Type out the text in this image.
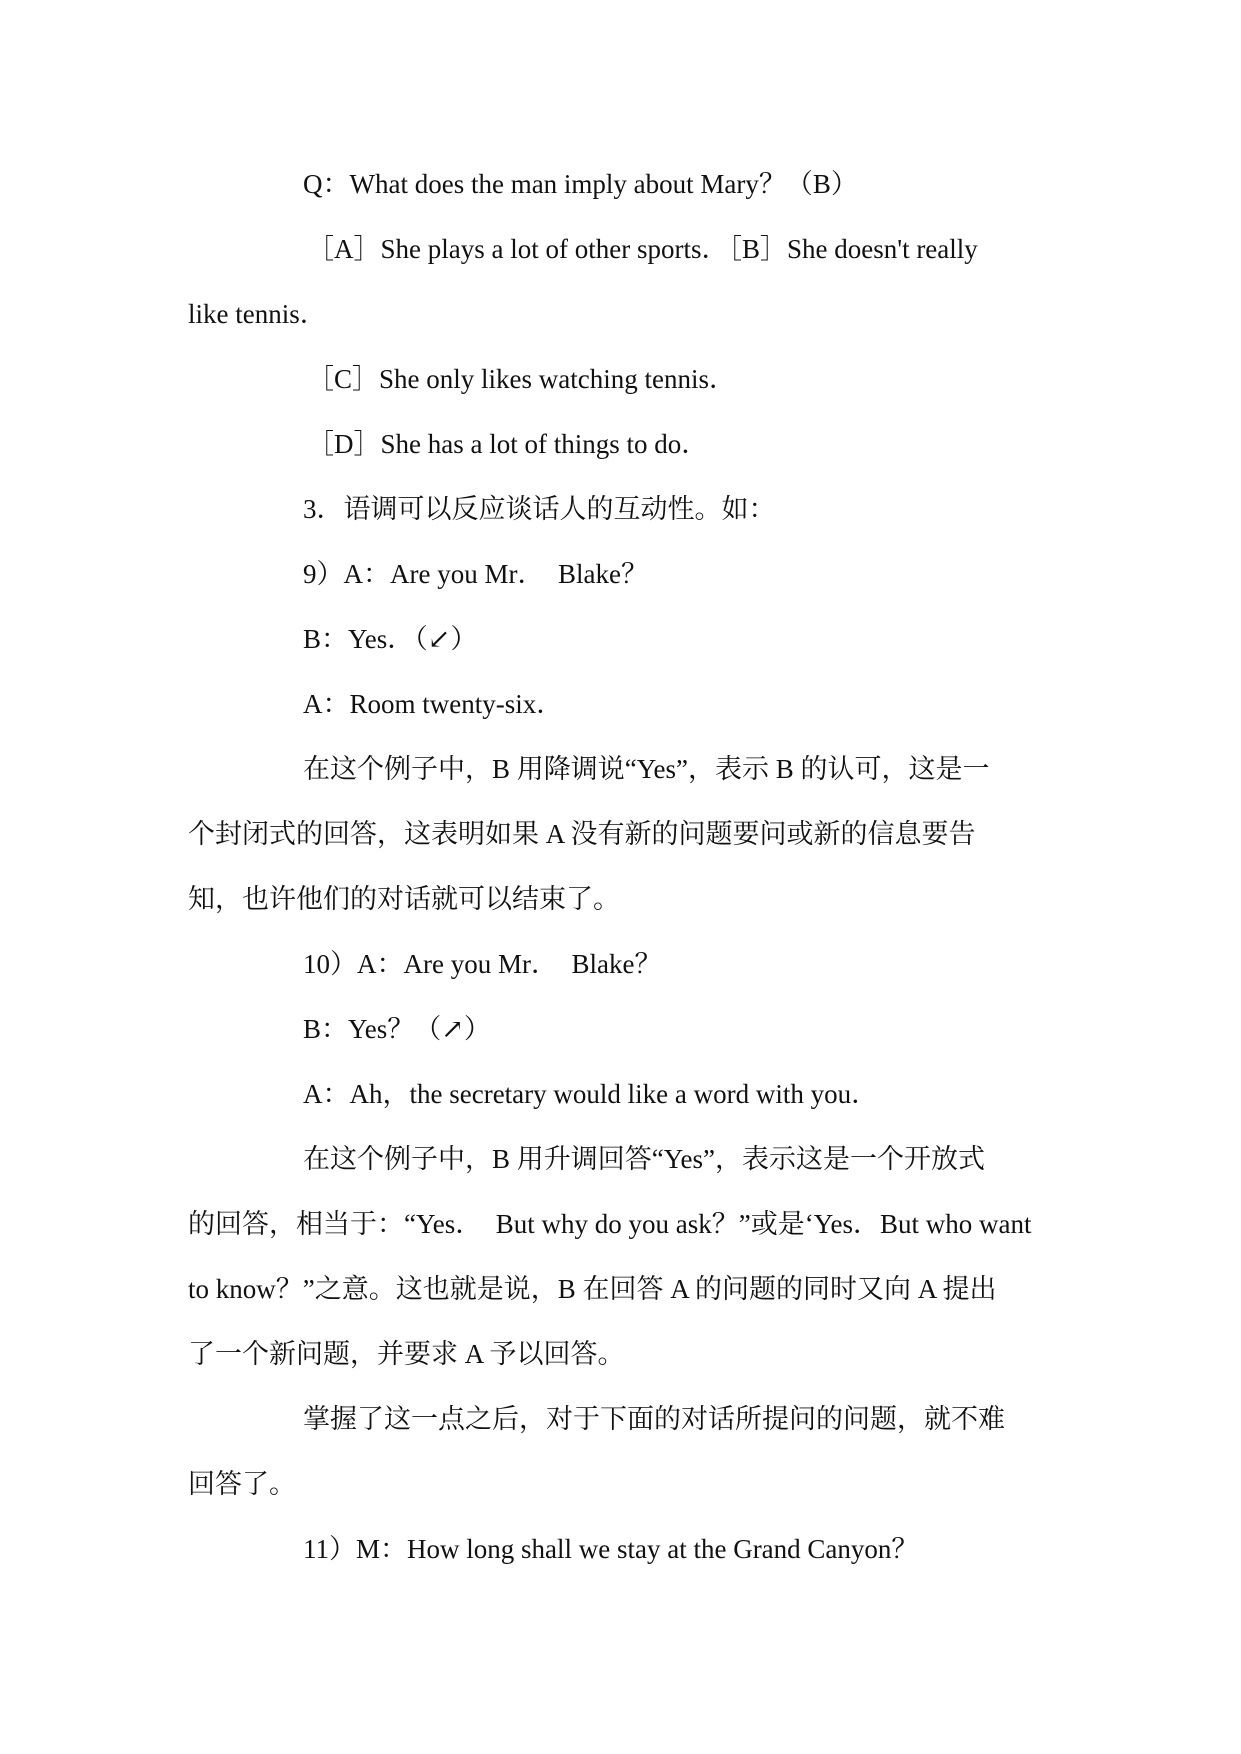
Q：What does the man imply about Mary？（B）
［A］She plays a lot of other sports．［B］She doesn't really
like tennis．
［C］She only likes watching tennis．
［D］She has a lot of things to do．
3．语调可以反应谈话人的互动性。如：
9）A：Are you Mr．  Blake？
B：Yes．（↙）
A：Room twenty-six．
在这个例子中，B 用降调说“Yes”，表示 B 的认可，这是一
个封闭式的回答，这表明如果 A 没有新的问题要问或新的信息要告
知，也许他们的对话就可以结束了。
10）A：Are you Mr．  Blake？
B：Yes？（↗）
A：Ah，the secretary would like a word with you．
在这个例子中，B 用升调回答“Yes”，表示这是一个开放式
的回答，相当于：“Yes．  But why do you ask？”或是‘Yes．But who want
to know？”之意。这也就是说，B 在回答 A 的问题的同时又向 A 提出
了一个新问题，并要求 A 予以回答。
掌握了这一点之后，对于下面的对话所提问的问题，就不难
回答了。
11）M：How long shall we stay at the Grand Canyon？
